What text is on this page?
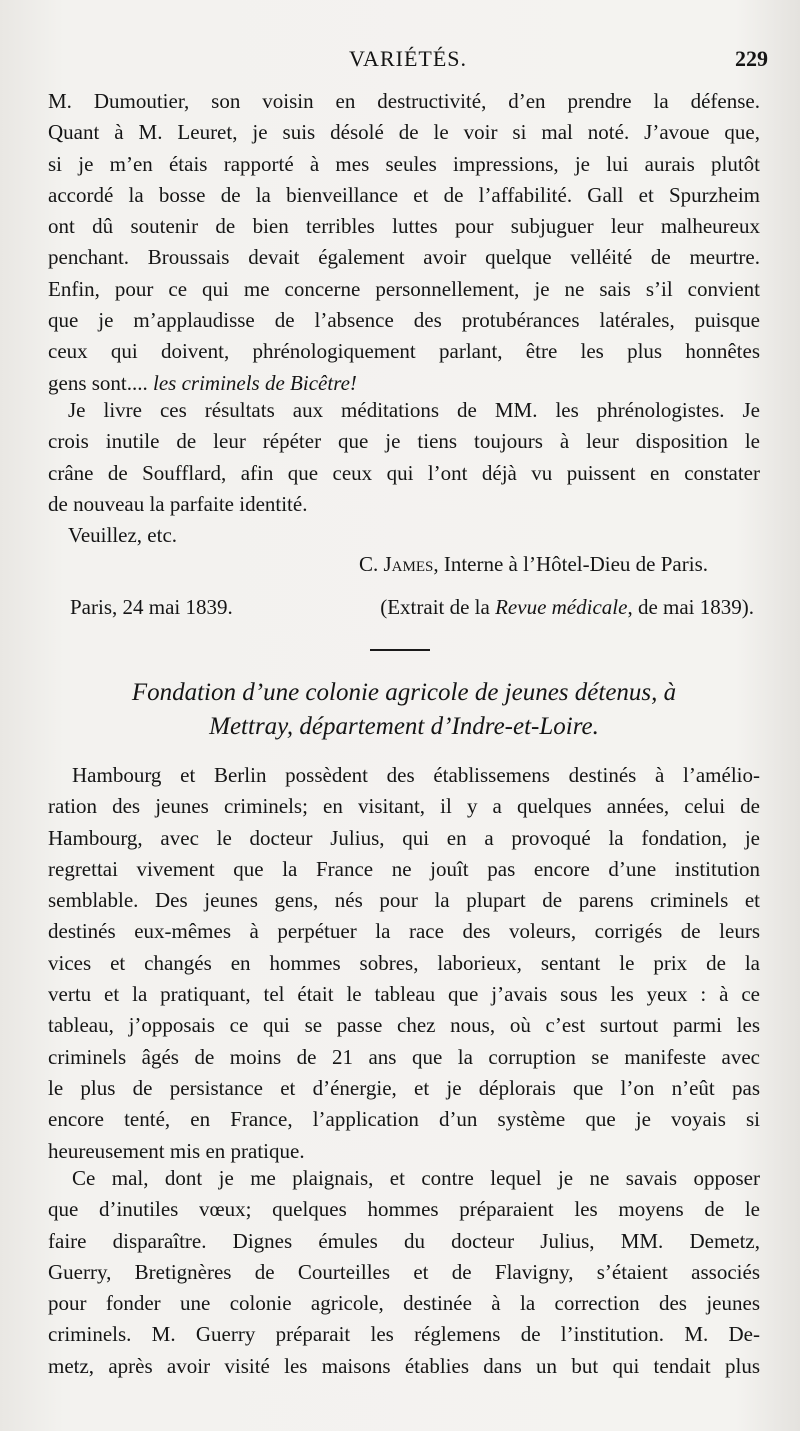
VARIÉTÉS.	229
M. Dumoutier, son voisin en destructivité, d’en prendre la défense.
Quant à M. Leuret, je suis désolé de le voir si mal noté. J’avoue que,
si je m’en étais rapporté à mes seules impressions, je lui aurais plutôt
accordé la bosse de la bienveillance et de l’affabilité. Gall et Spurzheim
ont dû soutenir de bien terribles luttes pour subjuguer leur malheureux
penchant. Broussais devait également avoir quelque velléité de meurtre.
Enfin, pour ce qui me concerne personnellement, je ne sais s’il convient
que je m’applaudisse de l’absence des protubérances latérales, puisque
ceux qui doivent, phrénologiquement parlant, être les plus honnêtes
gens sont.... les criminels de Bicêtre!
Je livre ces résultats aux méditations de MM. les phrénologistes. Je
crois inutile de leur répéter que je tiens toujours à leur disposition le
crâne de Soufflard, afin que ceux qui l’ont déjà vu puissent en constater
de nouveau la parfaite identité.
Veuillez, etc.
C. James, Interne à l’Hôtel-Dieu de Paris.
Paris, 24 mai 1839.	(Extrait de la Revue médicale, de mai 1839).
Fondation d’une colonie agricole de jeunes détenus, à
Mettray, département d’Indre-et-Loire.
Hambourg et Berlin possèdent des établissemens destinés à l’amélio-
ration des jeunes criminels; en visitant, il y a quelques années, celui de
Hambourg, avec le docteur Julius, qui en a provoqué la fondation, je
regrettai vivement que la France ne jouît pas encore d’une institution
semblable. Des jeunes gens, nés pour la plupart de parens criminels et
destinés eux-mêmes à perpétuer la race des voleurs, corrigés de leurs
vices et changés en hommes sobres, laborieux, sentant le prix de la
vertu et la pratiquant, tel était le tableau que j’avais sous les yeux : à ce
tableau, j’opposais ce qui se passe chez nous, où c’est surtout parmi les
criminels âgés de moins de 21 ans que la corruption se manifeste avec
le plus de persistance et d’énergie, et je déplorais que l’on n’eût pas
encore tenté, en France, l’application d’un système que je voyais si
heureusement mis en pratique.
Ce mal, dont je me plaignais, et contre lequel je ne savais opposer
que d’inutiles vœux; quelques hommes préparaient les moyens de le
faire disparaître. Dignes émules du docteur Julius, MM. Demetz,
Guerry, Bretignères de Courteilles et de Flavigny, s’étaient associés
pour fonder une colonie agricole, destinée à la correction des jeunes
criminels. M. Guerry préparait les réglemens de l’institution. M. De-
metz, après avoir visité les maisons établies dans un but qui tendait plus
